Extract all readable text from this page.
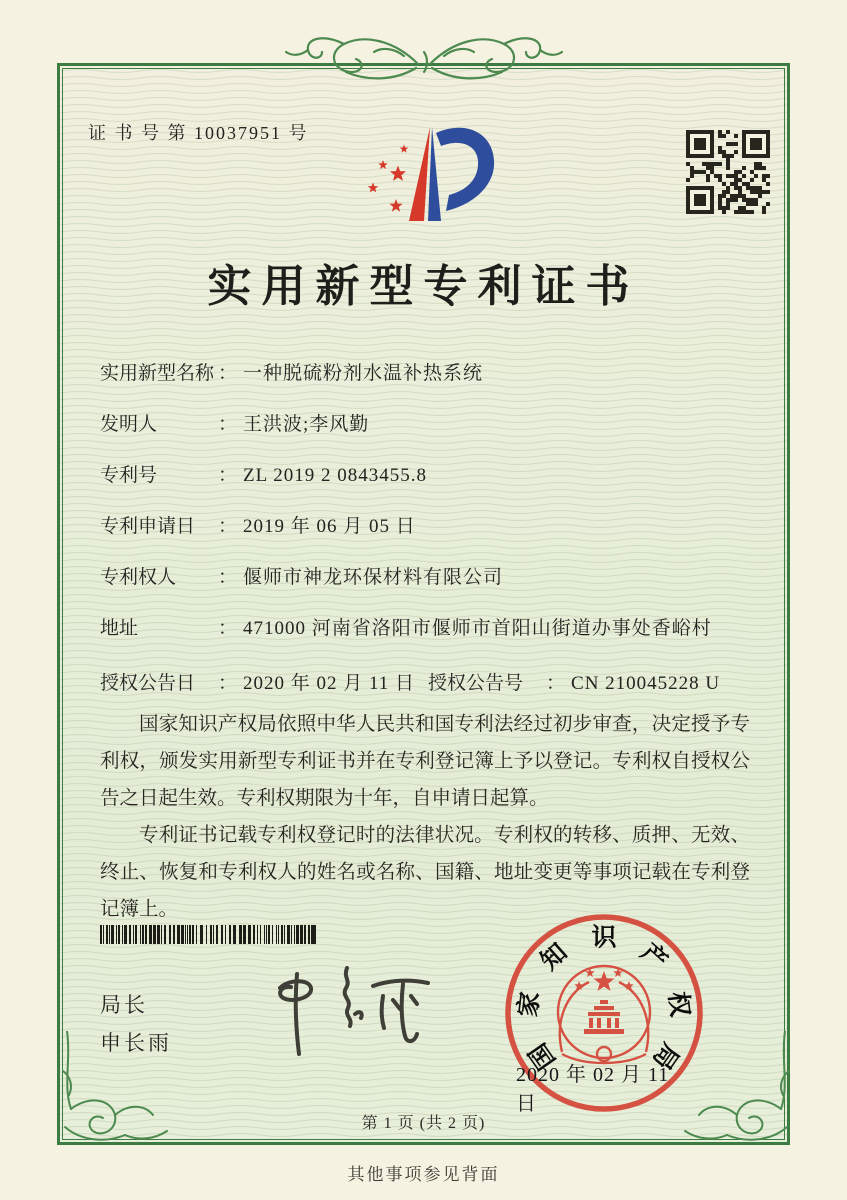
证 书 号 第 10037951 号
实用新型专利证书
实用新型名称 ： 一种脱硫粉剂水温补热系统
发明人	： 王洪波;李风勤
专利号	： ZL 2019 2 0843455.8
专利申请日 ： 2019 年 06 月 05 日
专利权人 ： 偃师市神龙环保材料有限公司
地址	： 471000 河南省洛阳市偃师市首阳山街道办事处香峪村
授权公告日 ： 2020 年 02 月 11 日 授权公告号 ： CN 210045228 U

国家知识产权局依照中华人民共和国专利法经过初步审查，决定授予专利权，颁发实用新型专利证书并在专利登记簿上予以登记。专利权自授权公告之日起生效。专利权期限为十年，自申请日起算。

专利证书记载专利权登记时的法律状况。专利权的转移、质押、无效、终止、恢复和专利权人的姓名或名称、国籍、地址变更等事项记载在专利登记簿上。

局长
申长雨	国
家
知
识
产
权
局
2020 年 02 月 11 日
第 1 页 (共 2 页)
其他事项参见背面
